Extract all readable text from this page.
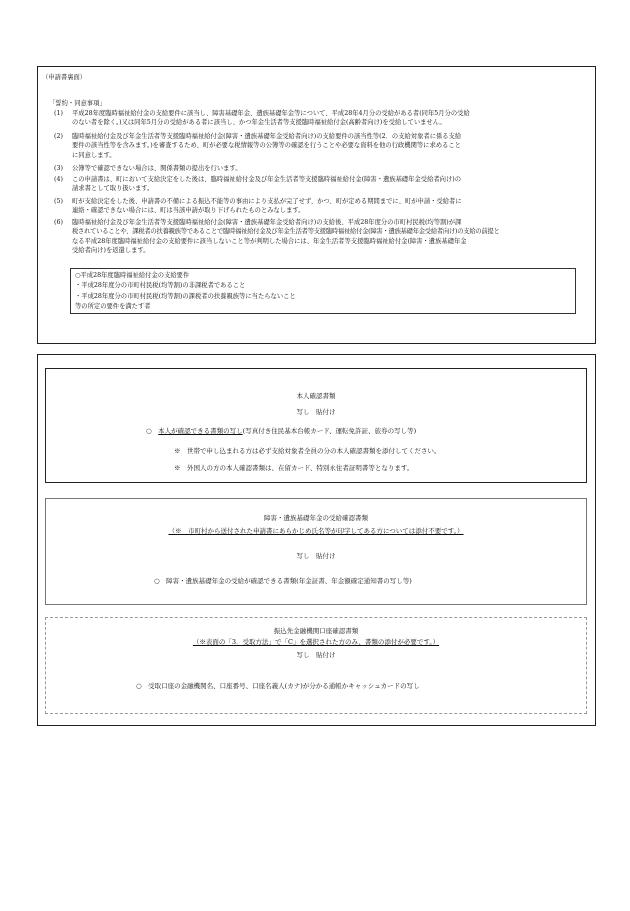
（申請書裏面）
「誓約・同意事項」
(1)	平成28年度臨時福祉給付金の支給要件に該当し、障害基礎年金、遺族基礎年金等について、平成28年4月分の受給がある者(同年5月分の受給
のない者を除く。)又は同年5月分の受給がある者に該当し、かつ年金生活者等支援臨時福祉給付金(高齢者向け)を受給していません。
(2)	臨時福祉給付金及び年金生活者等支援臨時福祉給付金(障害・遺族基礎年金受給者向け)の支給要件の該当性等(2．の支給対象者に係る支給
要件の該当性等を含みます。)を審査するため、町が必要な税情報等の公簿等の確認を行うことや必要な資料を他の行政機関等に求めること
に同意します。
(3)	公簿等で確認できない場合は、関係書類の提出を行います。
(4)	この申請書は、町において支給決定をした後は、臨時福祉給付金及び年金生活者等支援臨時福祉給付金(障害・遺族基礎年金受給者向け)の
請求書として取り扱います。
(5)	町が支給決定をした後、申請書の不備による振込不能等の事由により支払が完了せず、かつ、町が定める期間までに、町が申請・受給者に
連絡・確認できない場合には、町は当該申請が取り下げられたものとみなします。
(6)	臨時福祉給付金及び年金生活者等支援臨時福祉給付金(障害・遺族基礎年金受給者向け)の支給後、平成28年度分の市町村民税(均等割)が課
税されていることや、課税者の扶養親族等であることで臨時福祉給付金及び年金生活者等支援臨時福祉給付金(障害・遺族基礎年金受給者向け)の支給の前提と
なる平成28年度臨時福祉給付金の支給要件に該当しないこと等が判明した場合には、年金生活者等支援臨時福祉給付金(障害・遺族基礎年金
受給者向け)を返還します。
○平成28年度臨時福祉給付金の支給要件
・平成28年度分の市町村民税(均等割)の非課税者であること
・平成28年度分の市町村民税(均等割)の課税者の扶養親族等に当たらないこと
等の所定の要件を満たす者
本人確認書類
写し　貼付け
○　本人が確認できる書類の写し(写真付き住民基本台帳カード、運転免許証、旅券の写し等)
※　世帯で申し込まれる方は必ず支給対象者全員の分の本人確認書類を添付してください。
※　外国人の方の本人確認書類は、在留カード、特別永住者証明書等となります。
障害・遺族基礎年金の受給確認書類
（※　市町村から送付された申請書にあらかじめ氏名等が印字してある方については添付不要です。）
写し　貼付け
○　障害・遺族基礎年金の受給が確認できる書類(年金証書、年金額確定通知書の写し等)
振込先金融機関口座確認書類
（※表面の「3．受取方法」で「C」を選択された方のみ、書類の添付が必要です。）
写し　貼付け
○　受取口座の金融機関名、口座番号、口座名義人(カナ)が分かる通帳かキャッシュカードの写し
